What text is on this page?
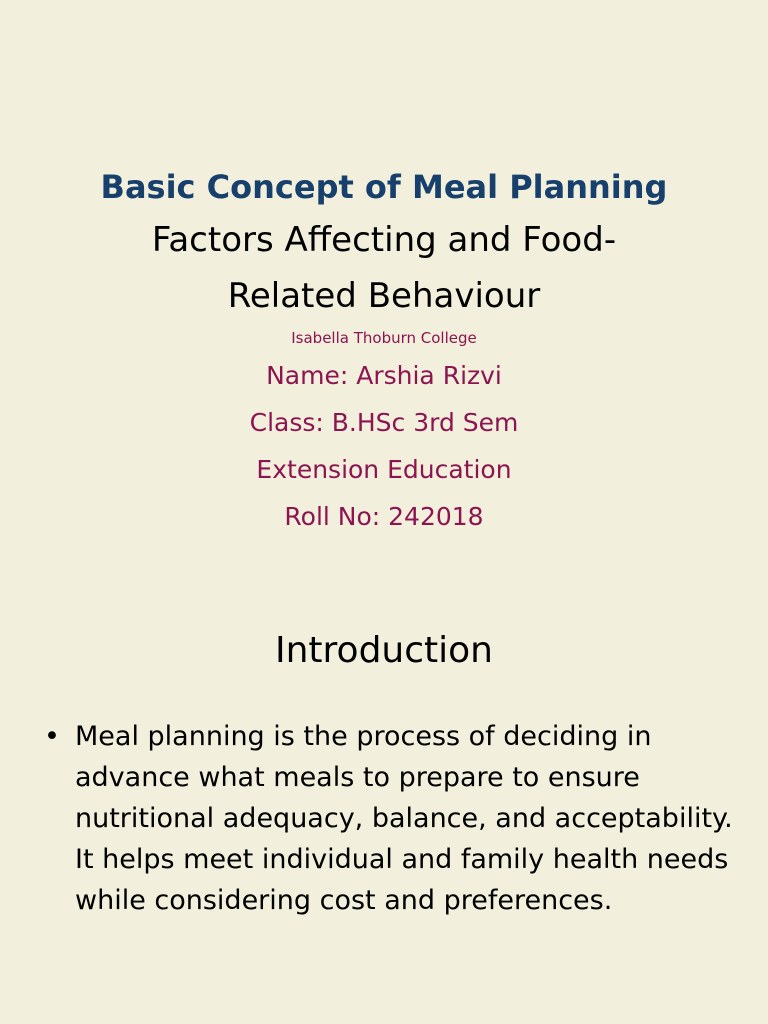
Basic Concept of Meal Planning
Factors Affecting and Food-
Related Behaviour
Isabella Thoburn College
Name: Arshia Rizvi
Class: B.HSc 3rd Sem
Extension Education
Roll No: 242018
Introduction
• Meal planning is the process of deciding in advance what meals to prepare to ensure nutritional adequacy, balance, and acceptability. It helps meet individual and family health needs while considering cost and preferences.
